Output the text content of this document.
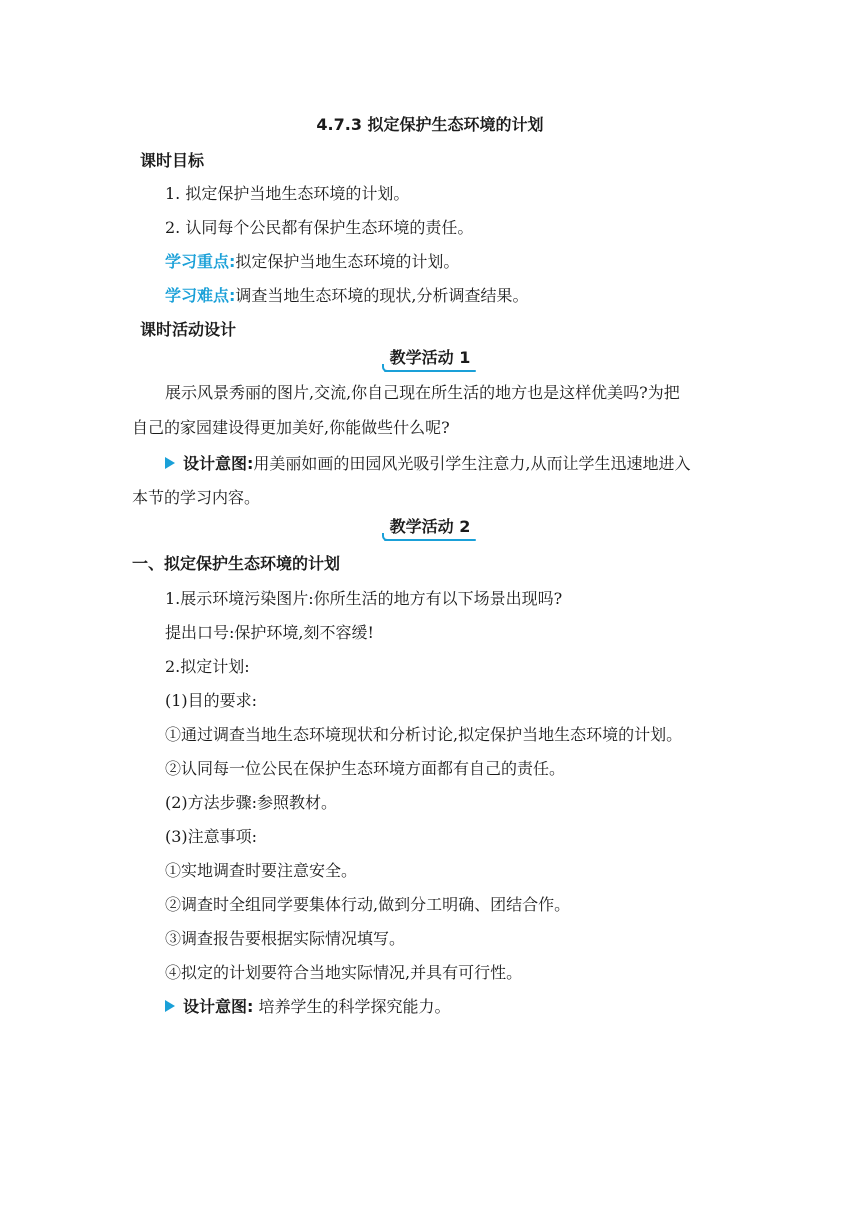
4.7.3 拟定保护生态环境的计划
课时目标
1. 拟定保护当地生态环境的计划。
2. 认同每个公民都有保护生态环境的责任。
学习重点:拟定保护当地生态环境的计划。
学习难点:调查当地生态环境的现状,分析调查结果。
课时活动设计
教学活动 1
展示风景秀丽的图片,交流,你自己现在所生活的地方也是这样优美吗?为把
自己的家园建设得更加美好,你能做些什么呢?
设计意图:用美丽如画的田园风光吸引学生注意力,从而让学生迅速地进入
本节的学习内容。
教学活动 2
一、拟定保护生态环境的计划
1.展示环境污染图片:你所生活的地方有以下场景出现吗?
提出口号:保护环境,刻不容缓!
2.拟定计划:
(1)目的要求:
①通过调查当地生态环境现状和分析讨论,拟定保护当地生态环境的计划。
②认同每一位公民在保护生态环境方面都有自己的责任。
(2)方法步骤:参照教材。
(3)注意事项:
①实地调查时要注意安全。
②调查时全组同学要集体行动,做到分工明确、团结合作。
③调查报告要根据实际情况填写。
④拟定的计划要符合当地实际情况,并具有可行性。
设计意图: 培养学生的科学探究能力。
